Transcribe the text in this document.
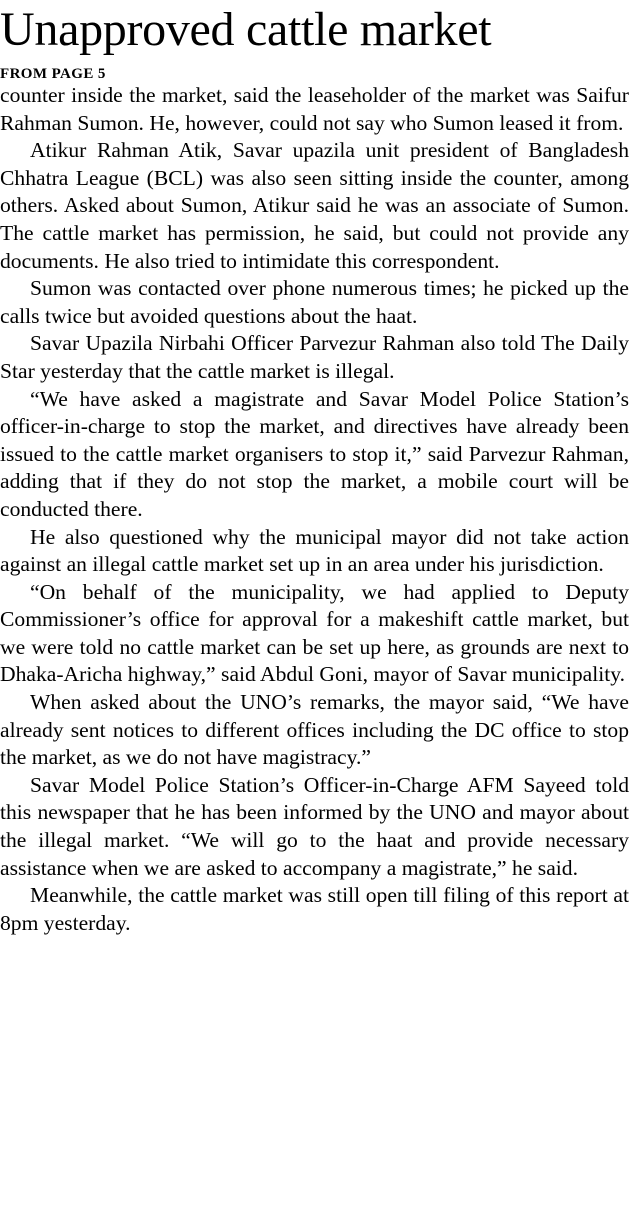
Unapproved cattle market
FROM PAGE 5

counter inside the market, said the leaseholder of the market was Saifur Rahman Sumon. He, however, could not say who Sumon leased it from.

Atikur Rahman Atik, Savar upazila unit president of Bangladesh Chhatra League (BCL) was also seen sitting inside the counter, among others. Asked about Sumon, Atikur said he was an associate of Sumon. The cattle market has permission, he said, but could not provide any documents. He also tried to intimidate this correspondent.

Sumon was contacted over phone numerous times; he picked up the calls twice but avoided questions about the haat.

Savar Upazila Nirbahi Officer Parvezur Rahman also told The Daily Star yesterday that the cattle market is illegal.

“We have asked a magistrate and Savar Model Police Station’s officer-in-charge to stop the market, and directives have already been issued to the cattle market organisers to stop it,” said Parvezur Rahman, adding that if they do not stop the market, a mobile court will be conducted there.

He also questioned why the municipal mayor did not take action against an illegal cattle market set up in an area under his jurisdiction.

“On behalf of the municipality, we had applied to Deputy Commissioner’s office for approval for a makeshift cattle market, but we were told no cattle market can be set up here, as grounds are next to Dhaka-Aricha highway,” said Abdul Goni, mayor of Savar municipality.

When asked about the UNO’s remarks, the mayor said, “We have already sent notices to different offices including the DC office to stop the market, as we do not have magistracy.”

Savar Model Police Station’s Officer-in-Charge AFM Sayeed told this newspaper that he has been informed by the UNO and mayor about the illegal market. “We will go to the haat and provide necessary assistance when we are asked to accompany a magistrate,” he said.

Meanwhile, the cattle market was still open till filing of this report at 8pm yesterday.
